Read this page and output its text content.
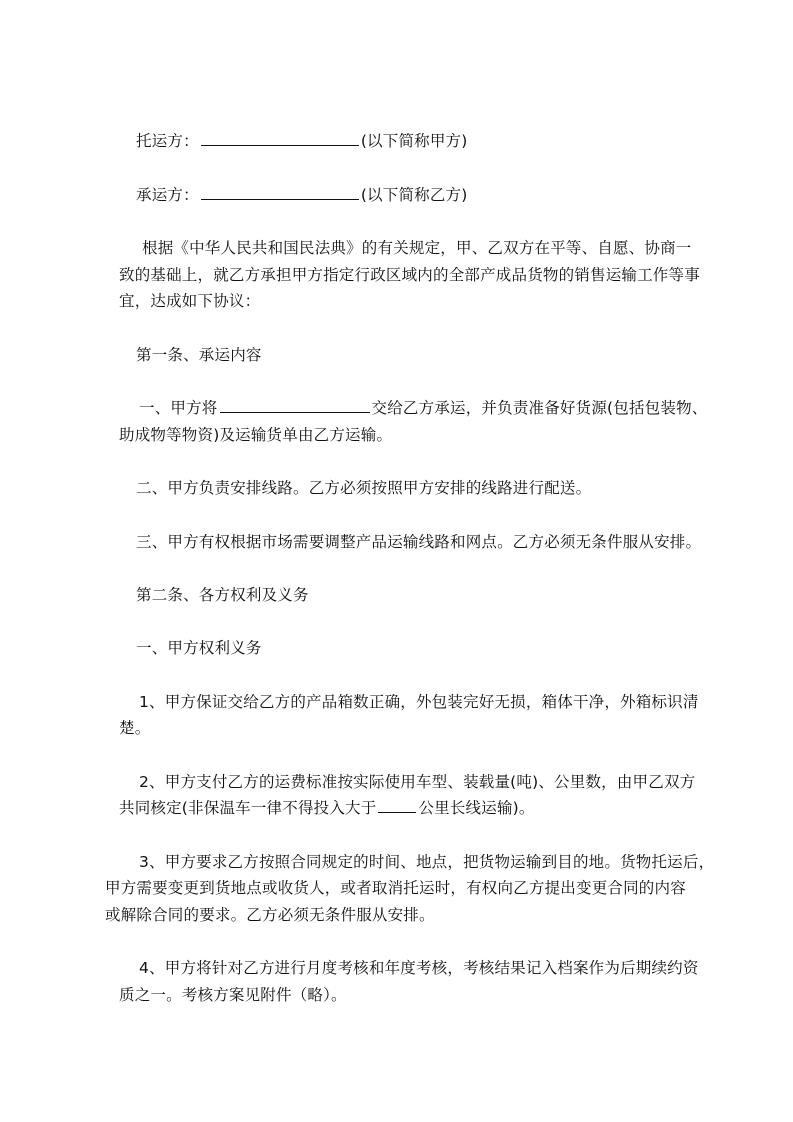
托运方：	(以下简称甲方)
承运方：	(以下简称乙方)
根据《中华人民共和国民法典》的有关规定，甲、乙双方在平等、自愿、协商一
致的基础上，就乙方承担甲方指定行政区域内的全部产成品货物的销售运输工作等事
宜，达成如下协议：
第一条、承运内容
一、甲方将	交给乙方承运，并负责准备好货源(包括包装物、
助成物等物资)及运输货单由乙方运输。
二、甲方负责安排线路。乙方必须按照甲方安排的线路进行配送。
三、甲方有权根据市场需要调整产品运输线路和网点。乙方必须无条件服从安排。
第二条、各方权利及义务
一、甲方权利义务
1、甲方保证交给乙方的产品箱数正确，外包装完好无损，箱体干净，外箱标识清
楚。
2、甲方支付乙方的运费标准按实际使用车型、装载量(吨)、公里数，由甲乙双方
共同核定(非保温车一律不得投入大于	公里长线运输)。
3、甲方要求乙方按照合同规定的时间、地点，把货物运输到目的地。货物托运后，
甲方需要变更到货地点或收货人，或者取消托运时，有权向乙方提出变更合同的内容
或解除合同的要求。乙方必须无条件服从安排。
4、甲方将针对乙方进行月度考核和年度考核，考核结果记入档案作为后期续约资
质之一。考核方案见附件（略）。
